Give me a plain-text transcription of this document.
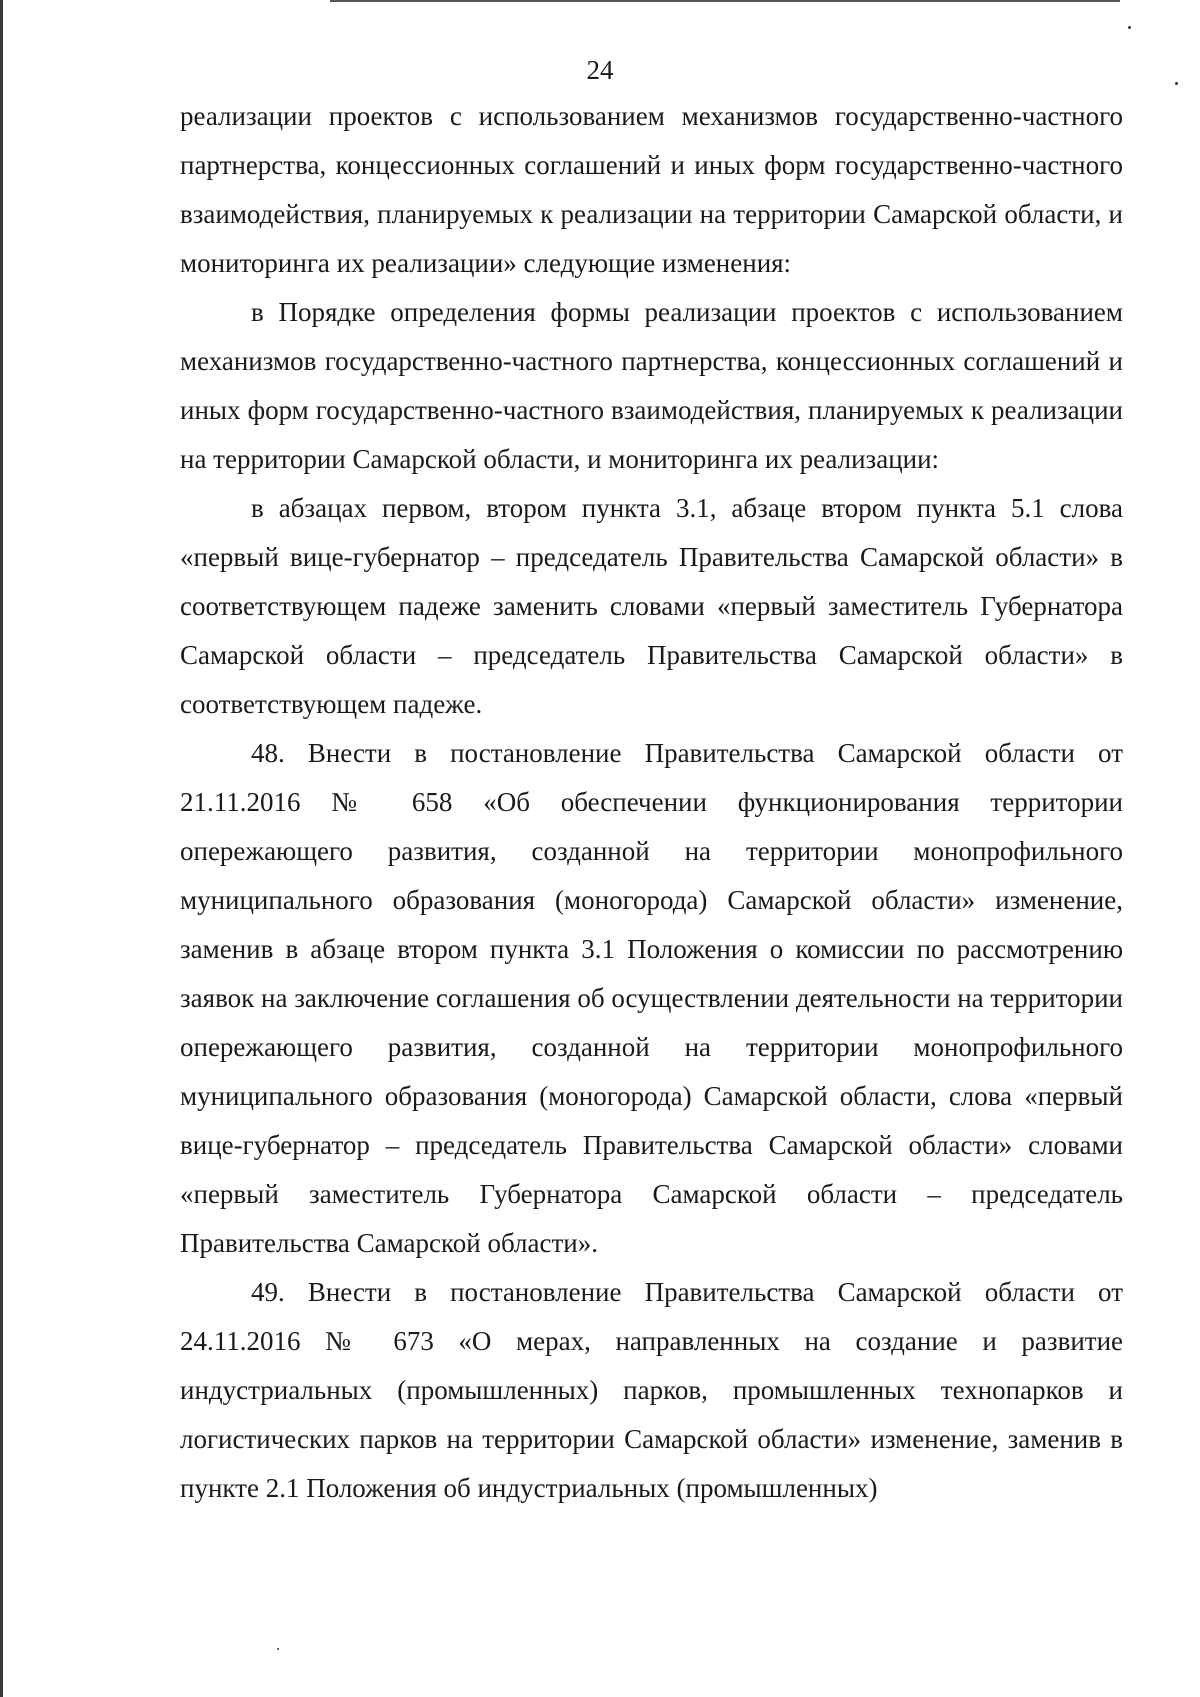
24

реализации проектов с использованием механизмов государственно-частного партнерства, концессионных соглашений и иных форм государственно-частного взаимодействия, планируемых к реализации на территории Самарской области, и мониторинга их реализации» следующие изменения:

в Порядке определения формы реализации проектов с использованием механизмов государственно-частного партнерства, концессионных соглашений и иных форм государственно-частного взаимодействия, планируемых к реализации на территории Самарской области, и мониторинга их реализации:

в абзацах первом, втором пункта 3.1, абзаце втором пункта 5.1 слова «первый вице-губернатор – председатель Правительства Самарской области» в соответствующем падеже заменить словами «первый заместитель Губернатора Самарской области – председатель Правительства Самарской области» в соответствующем падеже.

48. Внести в постановление Правительства Самарской области от 21.11.2016 № 658 «Об обеспечении функционирования территории опережающего развития, созданной на территории монопрофильного муниципального образования (моногорода) Самарской области» изменение, заменив в абзаце втором пункта 3.1 Положения о комиссии по рассмотрению заявок на заключение соглашения об осуществлении деятельности на территории опережающего развития, созданной на территории монопрофильного муниципального образования (моногорода) Самарской области, слова «первый вице-губернатор – председатель Правительства Самарской области» словами «первый заместитель Губернатора Самарской области – председатель Правительства Самарской области».

49. Внести в постановление Правительства Самарской области от 24.11.2016 № 673 «О мерах, направленных на создание и развитие индустриальных (промышленных) парков, промышленных технопарков и логистических парков на территории Самарской области» изменение, заменив в пункте 2.1 Положения об индустриальных (промышленных)
